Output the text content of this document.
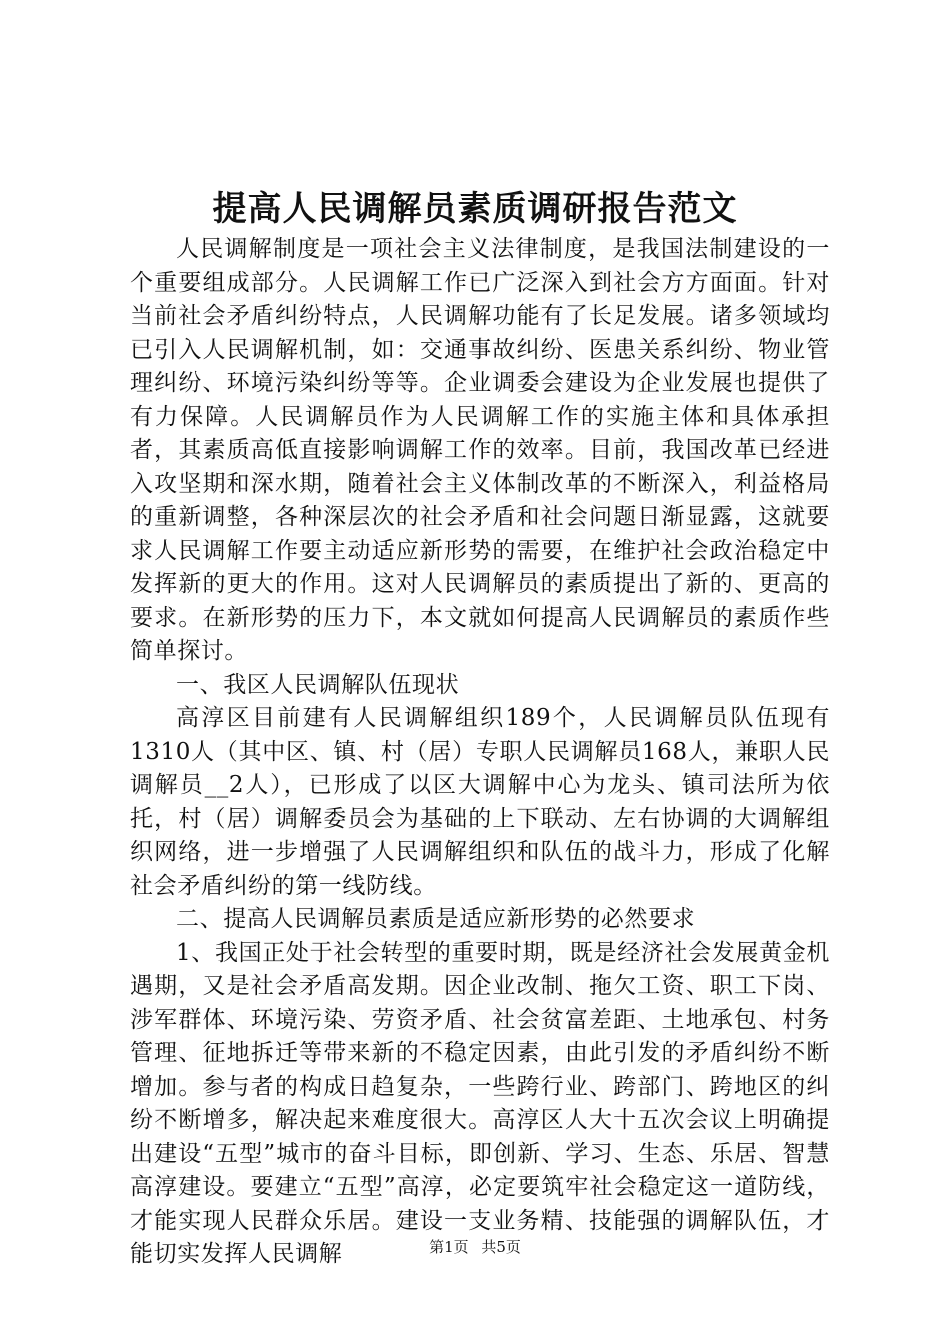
提高人民调解员素质调研报告范文

人民调解制度是一项社会主义法律制度，是我国法制建设的一个重要组成部分。人民调解工作已广泛深入到社会方方面面。针对当前社会矛盾纠纷特点，人民调解功能有了长足发展。诸多领域均已引入人民调解机制，如：交通事故纠纷、医患关系纠纷、物业管理纠纷、环境污染纠纷等等。企业调委会建设为企业发展也提供了有力保障。人民调解员作为人民调解工作的实施主体和具体承担者，其素质高低直接影响调解工作的效率。目前，我国改革已经进入攻坚期和深水期，随着社会主义体制改革的不断深入，利益格局的重新调整，各种深层次的社会矛盾和社会问题日渐显露，这就要求人民调解工作要主动适应新形势的需要，在维护社会政治稳定中发挥新的更大的作用。这对人民调解员的素质提出了新的、更高的要求。在新形势的压力下，本文就如何提高人民调解员的素质作些简单探讨。

一、我区人民调解队伍现状

高淳区目前建有人民调解组织189个，人民调解员队伍现有1310人（其中区、镇、村（居）专职人民调解员168人，兼职人民调解员__2人），已形成了以区大调解中心为龙头、镇司法所为依托，村（居）调解委员会为基础的上下联动、左右协调的大调解组织网络，进一步增强了人民调解组织和队伍的战斗力，形成了化解社会矛盾纠纷的第一线防线。

二、提高人民调解员素质是适应新形势的必然要求

1、我国正处于社会转型的重要时期，既是经济社会发展黄金机遇期，又是社会矛盾高发期。因企业改制、拖欠工资、职工下岗、涉军群体、环境污染、劳资矛盾、社会贫富差距、土地承包、村务管理、征地拆迁等带来新的不稳定因素，由此引发的矛盾纠纷不断增加。参与者的构成日趋复杂，一些跨行业、跨部门、跨地区的纠纷不断增多，解决起来难度很大。高淳区人大十五次会议上明确提出建设“五型”城市的奋斗目标，即创新、学习、生态、乐居、智慧高淳建设。要建立“五型”高淳，必定要筑牢社会稳定这一道防线，才能实现人民群众乐居。建设一支业务精、技能强的调解队伍，才能切实发挥人民调解	第1页 共5页
